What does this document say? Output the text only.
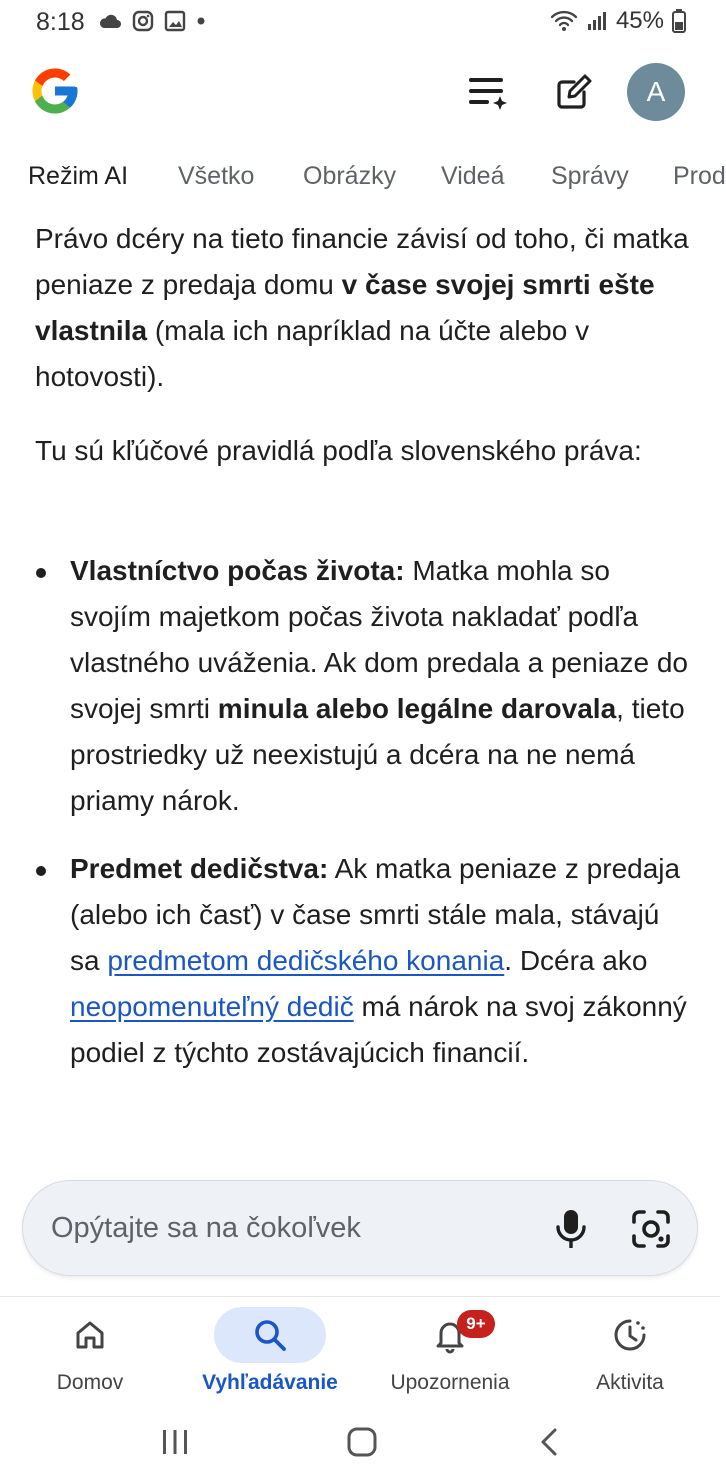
8:18	45%
A
Režim AI Všetko Obrázky Videá Správy Prod

Právo dcéry na tieto financie závisí od toho, či matka peniaze z predaja domu v čase svojej smrti ešte vlastnila (mala ich napríklad na účte alebo v hotovosti).

Tu sú kľúčové pravidlá podľa slovenského práva:

Vlastníctvo počas života: Matka mohla so svojím majetkom počas života nakladať podľa vlastného uváženia. Ak dom predala a peniaze do svojej smrti minula alebo legálne darovala, tieto prostriedky už neexistujú a dcéra na ne nemá priamy nárok.
Predmet dedičstva: Ak matka peniaze z predaja (alebo ich časť) v čase smrti stále mala, stávajú sa predmetom dedičského konania. Dcéra ako neopomenuteľný dedič má nárok na svoj zákonný podiel z týchto zostávajúcich financií.
Opýtajte sa na čokoľvek
Domov	Vyhľadávanie
9+
Upozornenia	Aktivita
